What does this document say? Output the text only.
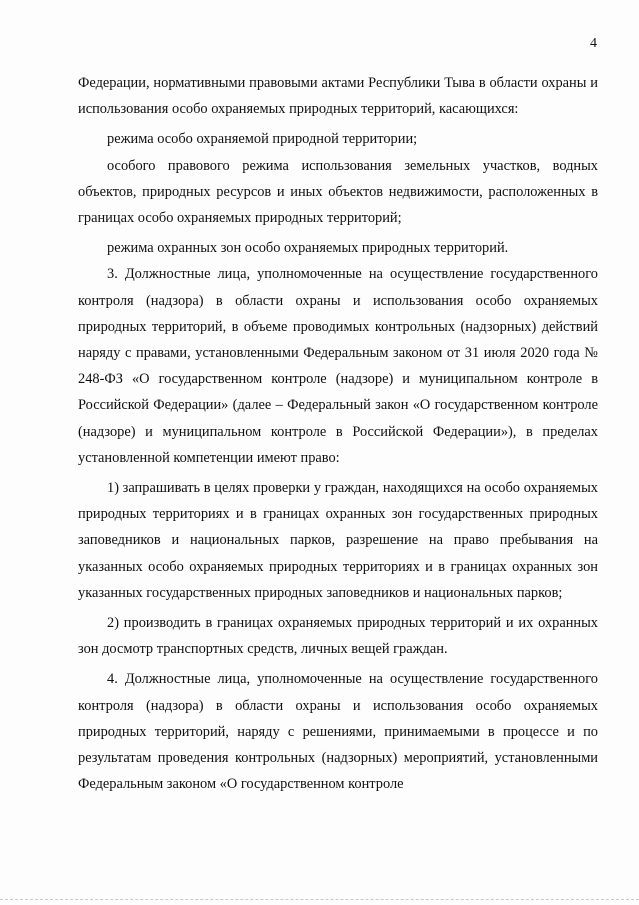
4

Федерации, нормативными правовыми актами Республики Тыва в области охраны и использования особо охраняемых природных территорий, касающихся:

режима особо охраняемой природной территории;

особого правового режима использования земельных участков, водных объектов, природных ресурсов и иных объектов недвижимости, расположенных в границах особо охраняемых природных территорий;

режима охранных зон особо охраняемых природных территорий.

3. Должностные лица, уполномоченные на осуществление государственного контроля (надзора) в области охраны и использования особо охраняемых природных территорий, в объеме проводимых контрольных (надзорных) действий наряду с правами, установленными Федеральным законом от 31 июля 2020 года № 248-ФЗ «О государственном контроле (надзоре) и муниципальном контроле в Российской Федерации» (далее – Федеральный закон «О государственном контроле (надзоре) и муниципальном контроле в Российской Федерации»), в пределах установленной компетенции имеют право:

1) запрашивать в целях проверки у граждан, находящихся на особо охраняемых природных территориях и в границах охранных зон государственных природных заповедников и национальных парков, разрешение на право пребывания на указанных особо охраняемых природных территориях и в границах охранных зон указанных государственных природных заповедников и национальных парков;

2) производить в границах охраняемых природных территорий и их охранных зон досмотр транспортных средств, личных вещей граждан.

4. Должностные лица, уполномоченные на осуществление государственного контроля (надзора) в области охраны и использования особо охраняемых природных территорий, наряду с решениями, принимаемыми в процессе и по результатам проведения контрольных (надзорных) мероприятий, установленными Федеральным законом «О государственном контроле
